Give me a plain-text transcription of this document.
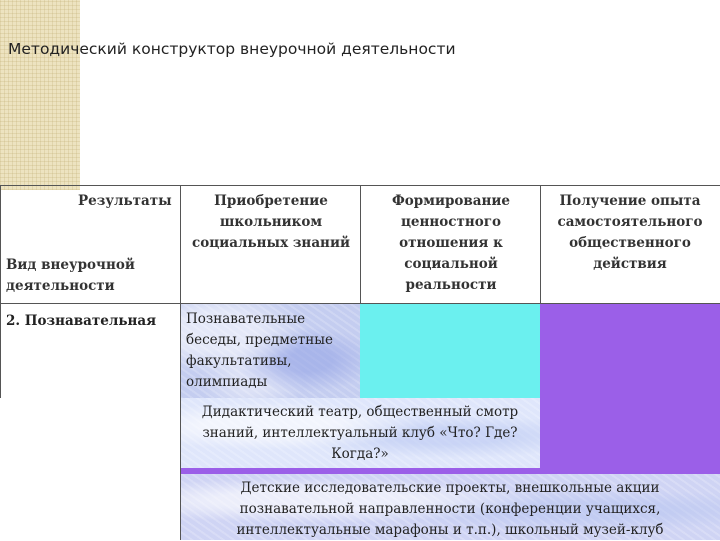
Методический конструктор внеурочной деятельности
Результаты
Вид внеурочной
деятельности
Приобретение
школьником
социальных знаний
Формирование
ценностного
отношения к
социальной
реальности
Получение опыта
самостоятельного
общественного
действия
2. Познавательная	Познавательные
беседы, предметные
факультативы,
олимпиады
Дидактический театр, общественный смотр
знаний, интеллектуальный клуб «Что? Где?
Когда?»
Детские исследовательские проекты, внешкольные акции
познавательной направленности (конференции учащихся,
интеллектуальные марафоны и т.п.), школьный музей-клуб
